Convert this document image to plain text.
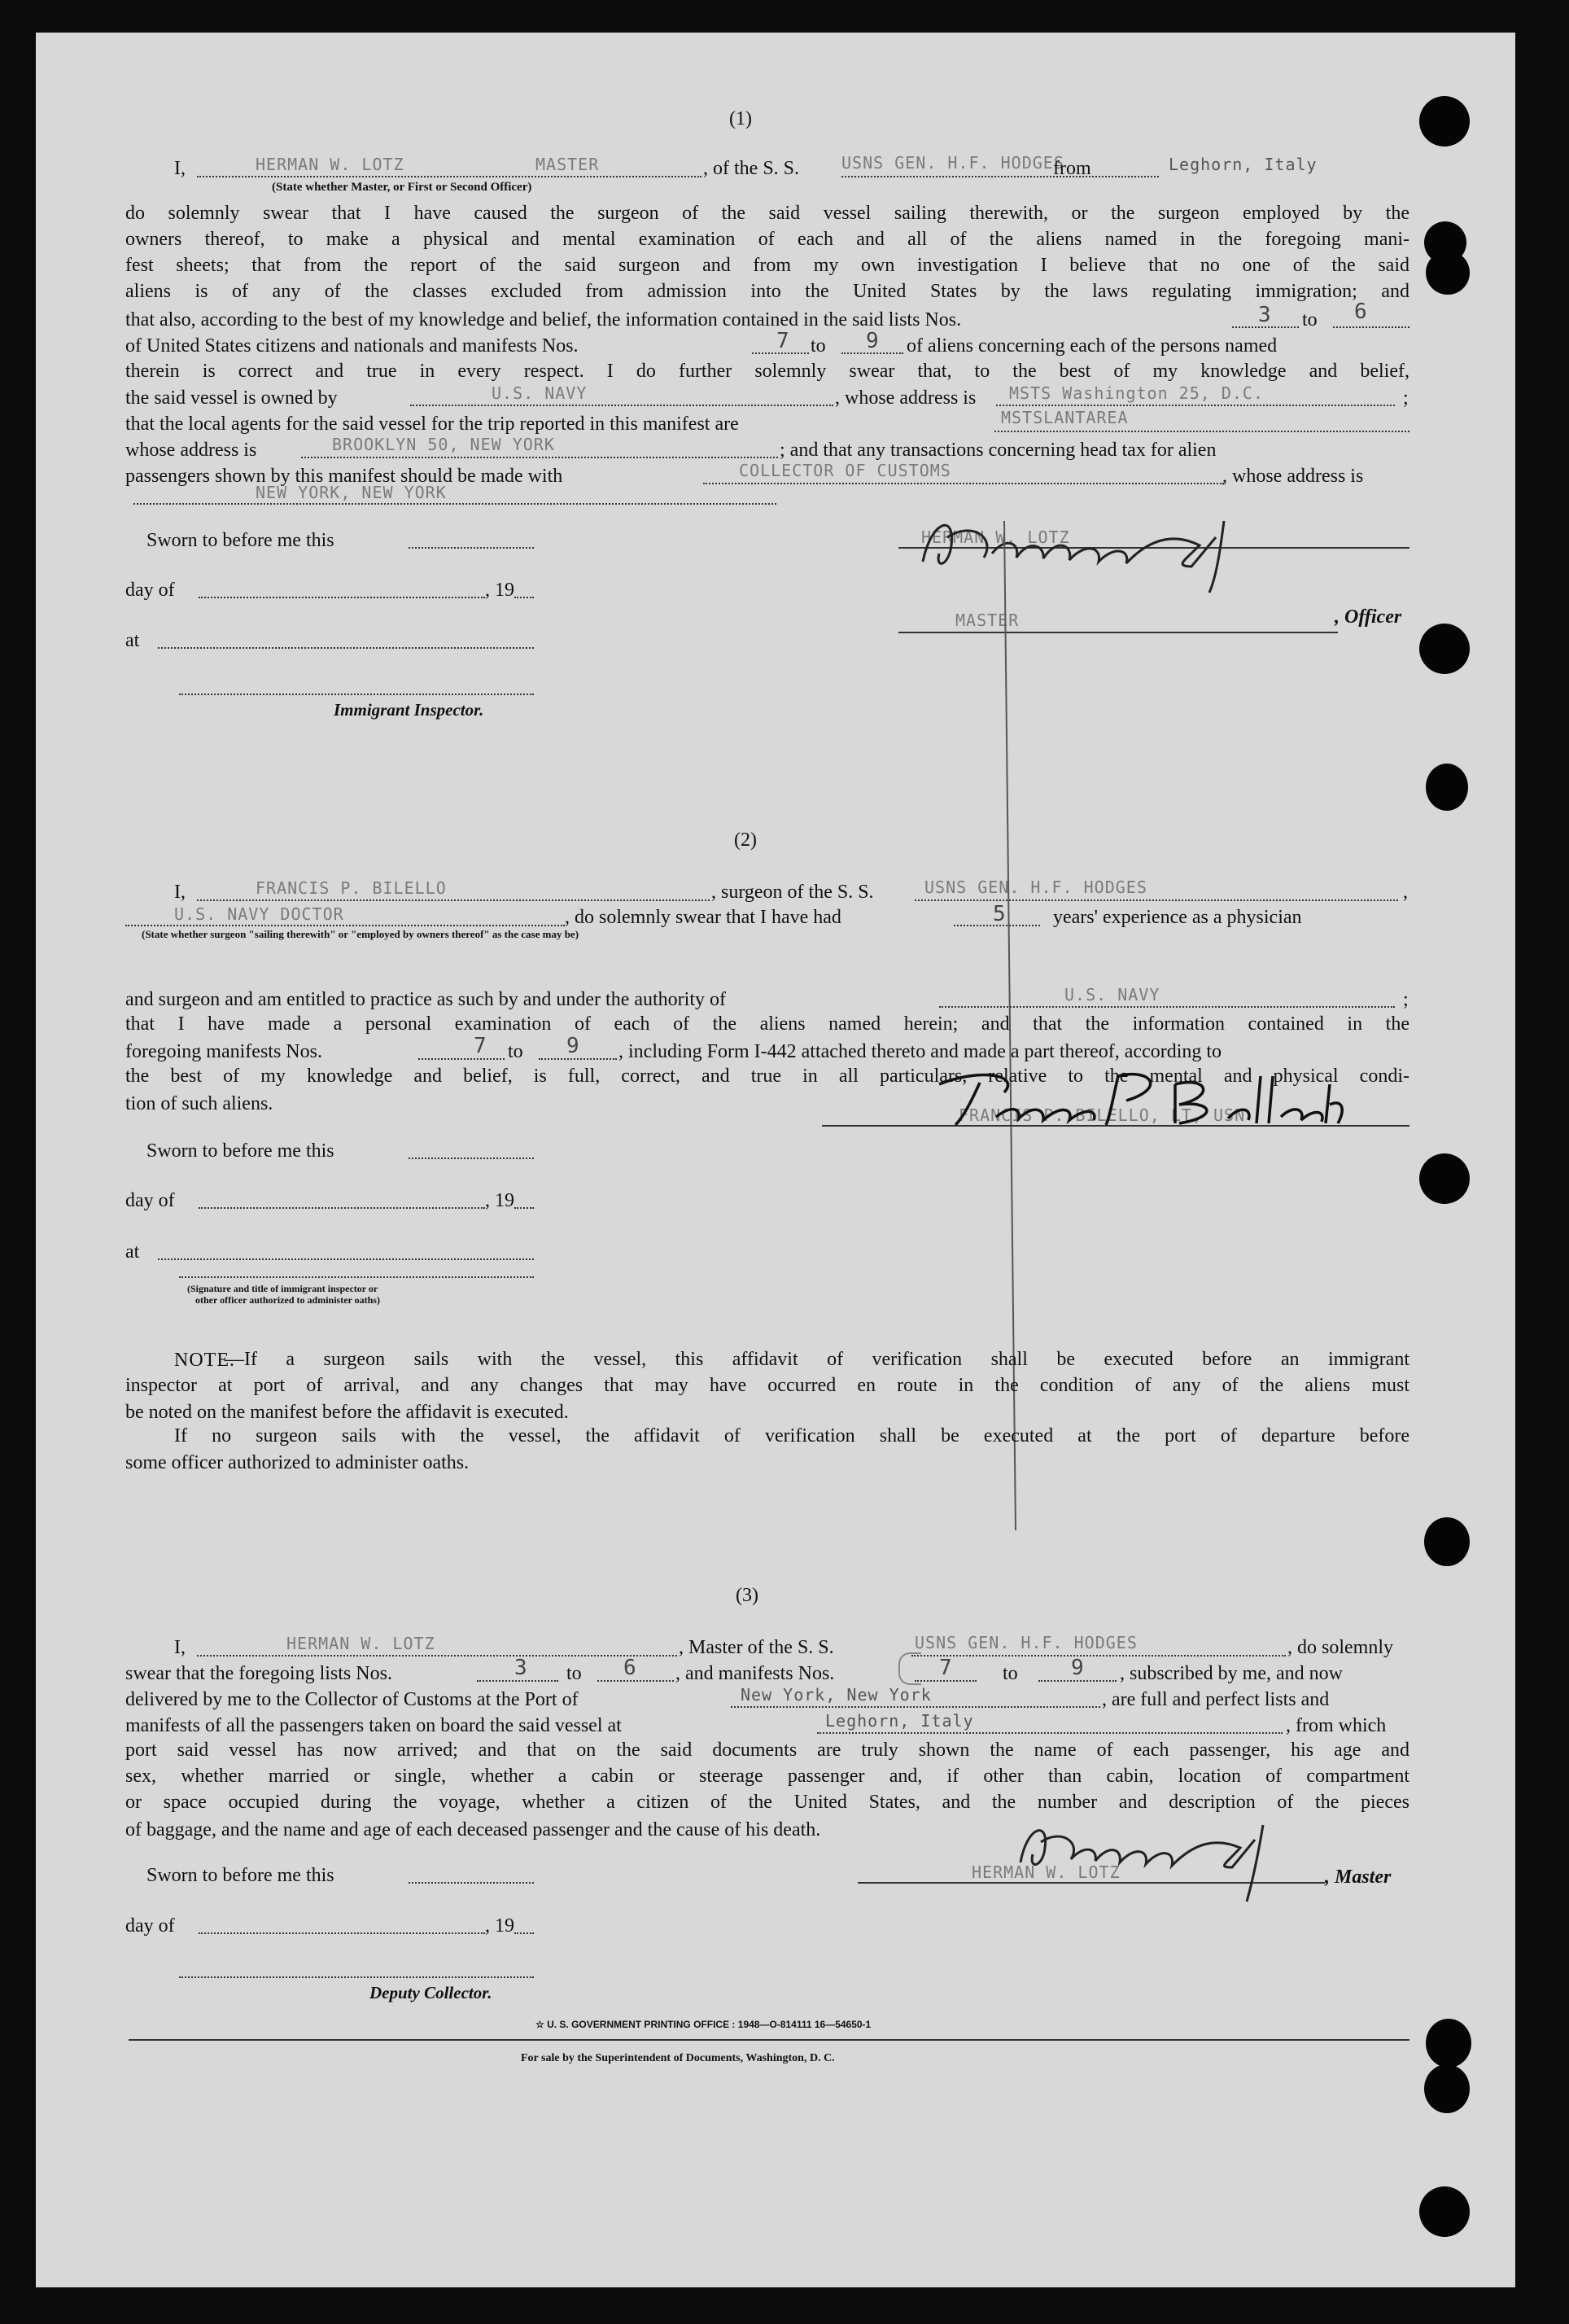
(1)
I,	HERMAN W. LOTZ	MASTER	, of the S. S.	USNS GEN. H.F. HODGES
from	Leghorn, Italy
(State whether Master, or First or Second Officer)
do solemnly swear that I have caused the surgeon of the said vessel sailing therewith, or the surgeon employed by the
owners thereof, to make a physical and mental examination of each and all of the aliens named in the foregoing mani-
fest sheets; that from the report of the said surgeon and from my own investigation I believe that no one of the said
aliens is of any of the classes excluded from admission into the United States by the laws regulating immigration; and
that also, according to the best of my knowledge and belief, the information contained in the said lists Nos.	3 to 6
of United States citizens and nationals and manifests Nos.	7 to 9 of aliens concerning each of the persons named
therein is correct and true in every respect. I do further solemnly swear that, to the best of my knowledge and belief,
the said vessel is owned by	U.S. NAVY	, whose address is MSTS Washington 25, D.C.	;
that the local agents for the said vessel for the trip reported in this manifest are	MSTSLANTAREA
whose address is	BROOKLYN 50, NEW YORK	; and that any transactions concerning head tax for alien
passengers shown by this manifest should be made with	COLLECTOR OF CUSTOMS	, whose address is
NEW YORK, NEW YORK
Sworn to before me this
day of	, 19
at
Immigrant Inspector.
HERMAN W. LOTZ
MASTER	, Officer
(2)
I,	FRANCIS P. BILELLO	, surgeon of the S. S.	USNS GEN. H.F. HODGES	,
U.S. NAVY DOCTOR	, do solemnly swear that I have had	5 years' experience as a physician
(State whether surgeon "sailing therewith" or "employed by owners thereof" as the case may be)
and surgeon and am entitled to practice as such by and under the authority of	U.S. NAVY	;
that I have made a personal examination of each of the aliens named herein; and that the information contained in the
foregoing manifests Nos.	7 to 9 , including Form I-442 attached thereto and made a part thereof, according to
the best of my knowledge and belief, is full, correct, and true in all particulars, relative to the mental and physical condi-
tion of such aliens.
Sworn to before me this
day of	, 19
at
(Signature and title of immigrant inspector or
other officer authorized to administer oaths)
FRANCIS P. BILELLO, LT, USN
NOTE.
—If a surgeon sails with the vessel, this affidavit of verification shall be executed before an immigrant
inspector at port of arrival, and any changes that may have occurred en route in the condition of any of the aliens must
be noted on the manifest before the affidavit is executed.
If no surgeon sails with the vessel, the affidavit of verification shall be executed at the port of departure before
some officer authorized to administer oaths.
(3)
I,	HERMAN W. LOTZ	, Master of the S. S.	USNS GEN. H.F. HODGES	, do solemnly
swear that the foregoing lists Nos.	3 to 6 , and manifests Nos.	7	to	9 , subscribed by me, and now
delivered by me to the Collector of Customs at the Port of	New York, New York	, are full and perfect lists and
manifests of all the passengers taken on board the said vessel at	Leghorn, Italy	, from which
port said vessel has now arrived; and that on the said documents are truly shown the name of each passenger, his age and
sex, whether married or single, whether a cabin or steerage passenger and, if other than cabin, location of compartment
or space occupied during the voyage, whether a citizen of the United States, and the number and description of the pieces
of baggage, and the name and age of each deceased passenger and the cause of his death.
Sworn to before me this
day of	, 19
Deputy Collector.
HERMAN W. LOTZ	, Master
☆ U. S. GOVERNMENT PRINTING OFFICE : 1948—O-814111 16—54650-1
For sale by the Superintendent of Documents, Washington, D. C.
